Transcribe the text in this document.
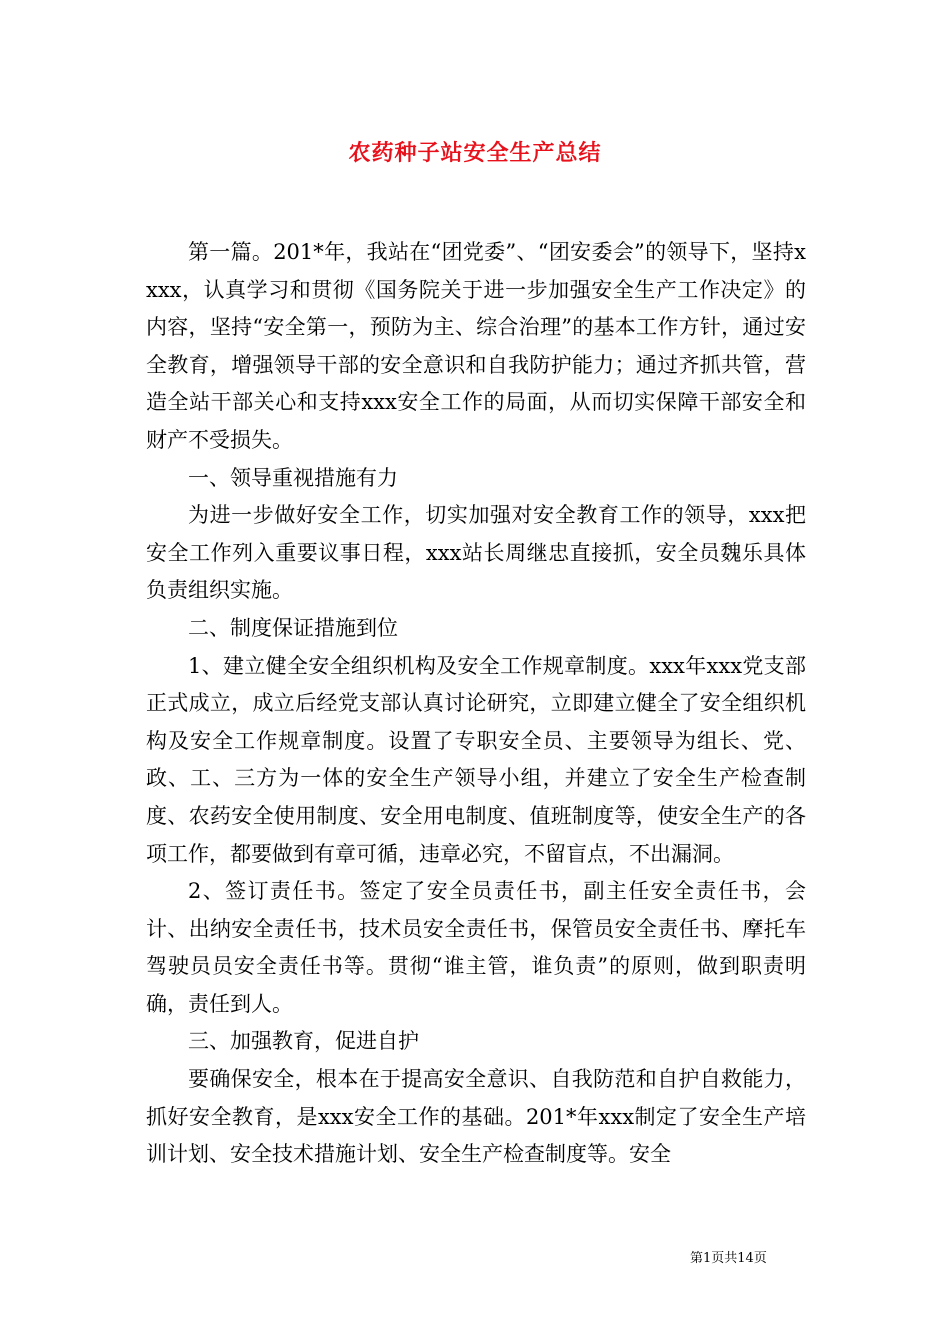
农药种子站安全生产总结

第一篇。201*年，我站在“团党委”、“团安委会”的领导下，坚持xxxx，认真学习和贯彻《国务院关于进一步加强安全生产工作决定》的内容，坚持“安全第一，预防为主、综合治理”的基本工作方针，通过安全教育，增强领导干部的安全意识和自我防护能力；通过齐抓共管，营造全站干部关心和支持xxx安全工作的局面，从而切实保障干部安全和财产不受损失。

一、领导重视措施有力

为进一步做好安全工作，切实加强对安全教育工作的领导，xxx把安全工作列入重要议事日程，xxx站长周继忠直接抓，安全员魏乐具体负责组织实施。

二、制度保证措施到位

1、建立健全安全组织机构及安全工作规章制度。xxx年xxx党支部正式成立，成立后经党支部认真讨论研究，立即建立健全了安全组织机构及安全工作规章制度。设置了专职安全员、主要领导为组长、党、政、工、三方为一体的安全生产领导小组，并建立了安全生产检查制度、农药安全使用制度、安全用电制度、值班制度等，使安全生产的各项工作，都要做到有章可循，违章必究，不留盲点，不出漏洞。

2、签订责任书。签定了安全员责任书，副主任安全责任书，会计、出纳安全责任书，技术员安全责任书，保管员安全责任书、摩托车驾驶员员安全责任书等。贯彻“谁主管，谁负责”的原则，做到职责明确，责任到人。

三、加强教育，促进自护

要确保安全，根本在于提高安全意识、自我防范和自护自救能力，抓好安全教育，是xxx安全工作的基础。201*年xxx制定了安全生产培训计划、安全技术措施计划、安全生产检查制度等。安全

第1页共14页
